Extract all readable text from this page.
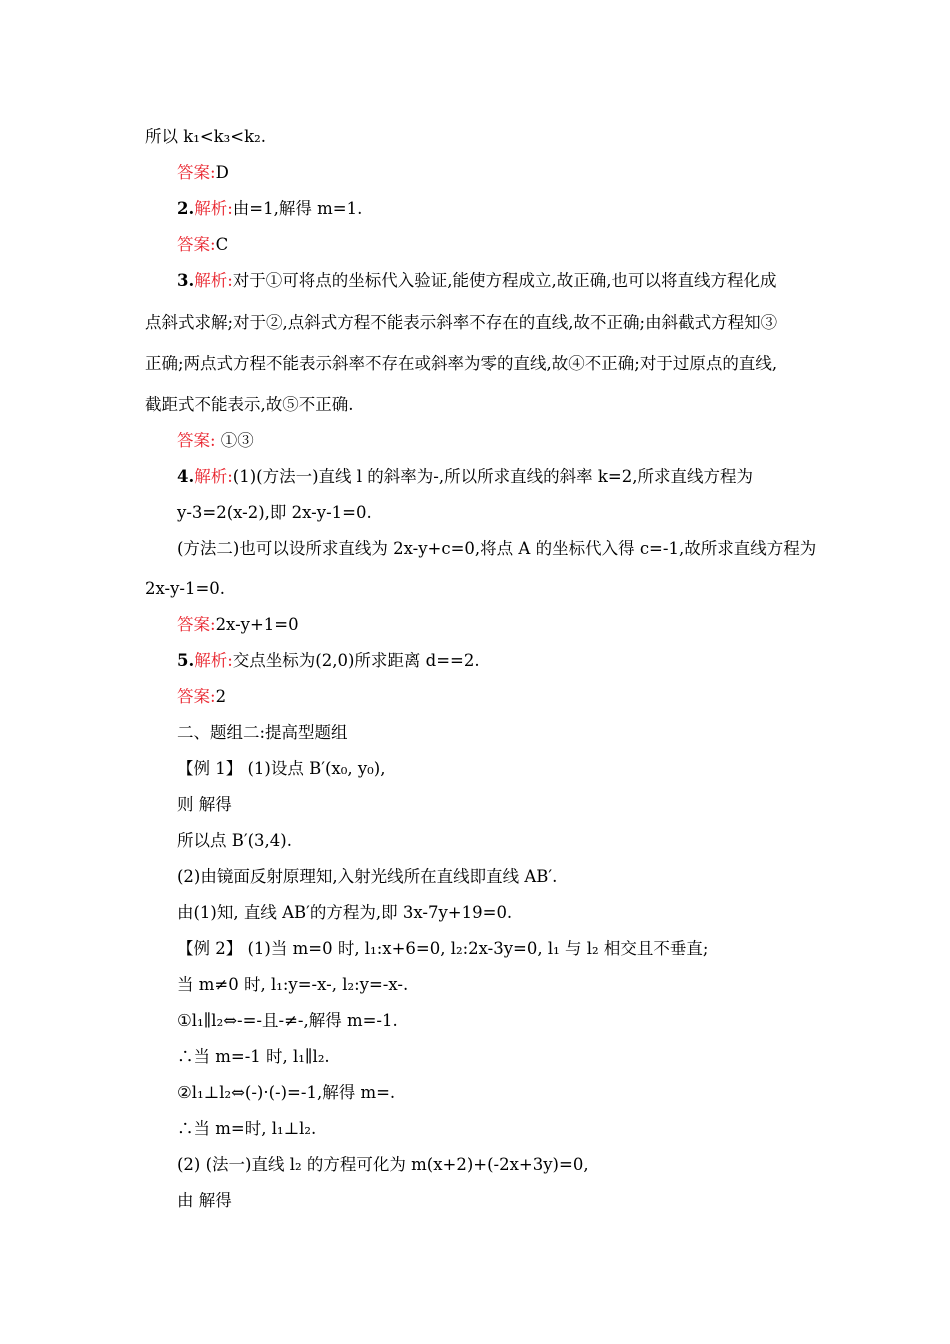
所以 k₁<k₃<k₂.
答案:D
2.解析:由=1,解得 m=1.
答案:C
3.解析:对于①可将点的坐标代入验证,能使方程成立,故正确,也可以将直线方程化成
点斜式求解;对于②,点斜式方程不能表示斜率不存在的直线,故不正确;由斜截式方程知③
正确;两点式方程不能表示斜率不存在或斜率为零的直线,故④不正确;对于过原点的直线,
截距式不能表示,故⑤不正确.
答案: ①③
4.解析:(1)(方法一)直线 l 的斜率为-,所以所求直线的斜率 k=2,所求直线方程为
y-3=2(x-2),即 2x-y-1=0.
(方法二)也可以设所求直线为 2x-y+c=0,将点 A 的坐标代入得 c=-1,故所求直线方程为
2x-y-1=0.
答案:2x-y+1=0
5.解析:交点坐标为(2,0)所求距离 d==2.
答案:2
二、题组二:提高型题组
【例 1】 (1)设点 B′(x₀, y₀),
则 解得
所以点 B′(3,4).
(2)由镜面反射原理知,入射光线所在直线即直线 AB′.
由(1)知, 直线 AB′的方程为,即 3x-7y+19=0.
【例 2】 (1)当 m=0 时, l₁:x+6=0, l₂:2x-3y=0, l₁ 与 l₂ 相交且不垂直;
当 m≠0 时, l₁:y=-x-, l₂:y=-x-.
①l₁∥l₂⇔-=-且-≠-,解得 m=-1.
∴当 m=-1 时, l₁∥l₂.
②l₁⊥l₂⇔(-)·(-)=-1,解得 m=.
∴当 m=时, l₁⊥l₂.
(2) (法一)直线 l₂ 的方程可化为 m(x+2)+(-2x+3y)=0,
由 解得
